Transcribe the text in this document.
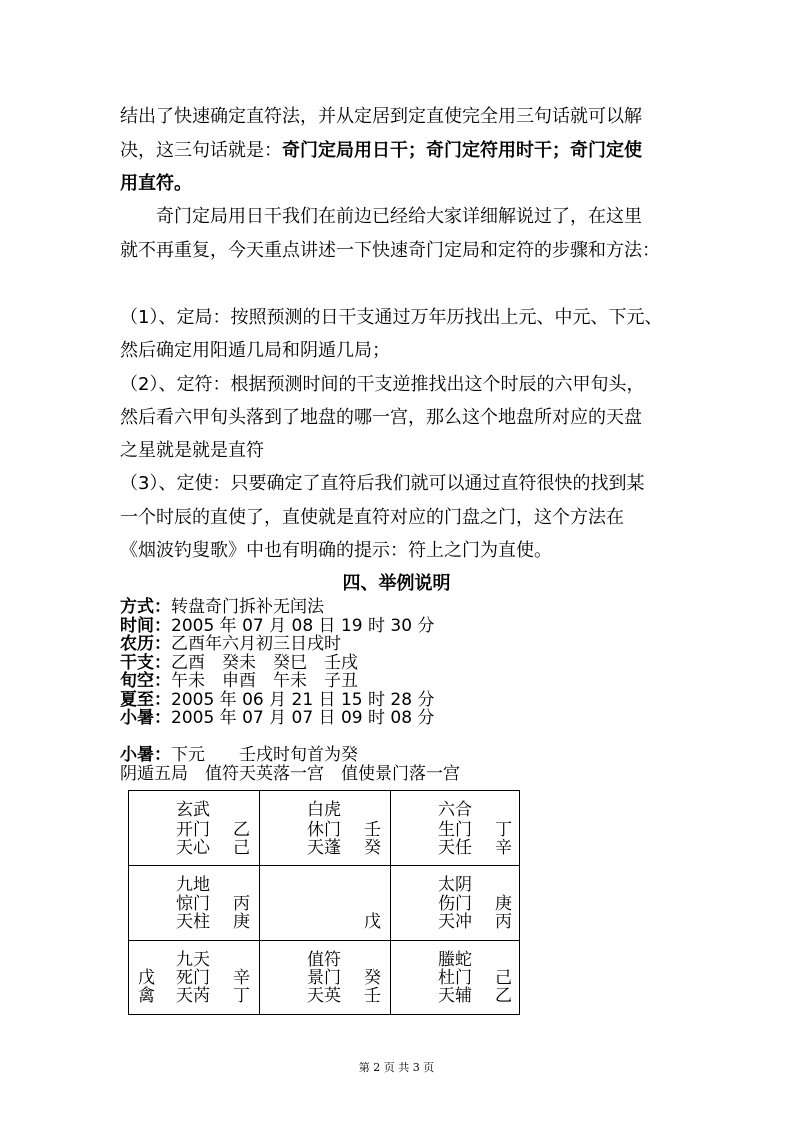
结出了快速确定直符法，并从定居到定直使完全用三句话就可以解
决，这三句话就是：奇门定局用日干；奇门定符用时干；奇门定使
用直符。
奇门定局用日干我们在前边已经给大家详细解说过了，在这里
就不再重复，今天重点讲述一下快速奇门定局和定符的步骤和方法：
（1）、定局：按照预测的日干支通过万年历找出上元、中元、下元、
然后确定用阳遁几局和阴遁几局；
（2）、定符：根据预测时间的干支逆推找出这个时辰的六甲旬头，
然后看六甲旬头落到了地盘的哪一宫，那么这个地盘所对应的天盘
之星就是就是直符
（3）、定使：只要确定了直符后我们就可以通过直符很快的找到某
一个时辰的直使了，直使就是直符对应的门盘之门，这个方法在
《烟波钓叟歌》中也有明确的提示：符上之门为直使。
四、举例说明
方式：转盘奇门拆补无闰法
时间：2005 年 07 月 08 日 19 时 30 分
农历：乙酉年六月初三日戌时
干支：乙酉　癸未　癸巳　壬戌
旬空：午未　申酉　午未　子丑
夏至：2005 年 06 月 21 日 15 时 28 分
小暑：2005 年 07 月 07 日 09 时 08 分
小暑：下元　　壬戌时旬首为癸
阴遁五局　值符天英落一宫　值使景门落一宫
玄武
开门 乙
天心 己
白虎
休门 壬
天蓬 癸
六合
生门 丁
天任 辛
九地
惊门 丙
天柱 庚	戊
太阴
伤门 庚
天冲 丙
九天
戊 死门 辛
禽 天芮 丁
值符
景门 癸
天英 壬
螣蛇
杜门 己
天辅 乙
第 2 页 共 3 页
